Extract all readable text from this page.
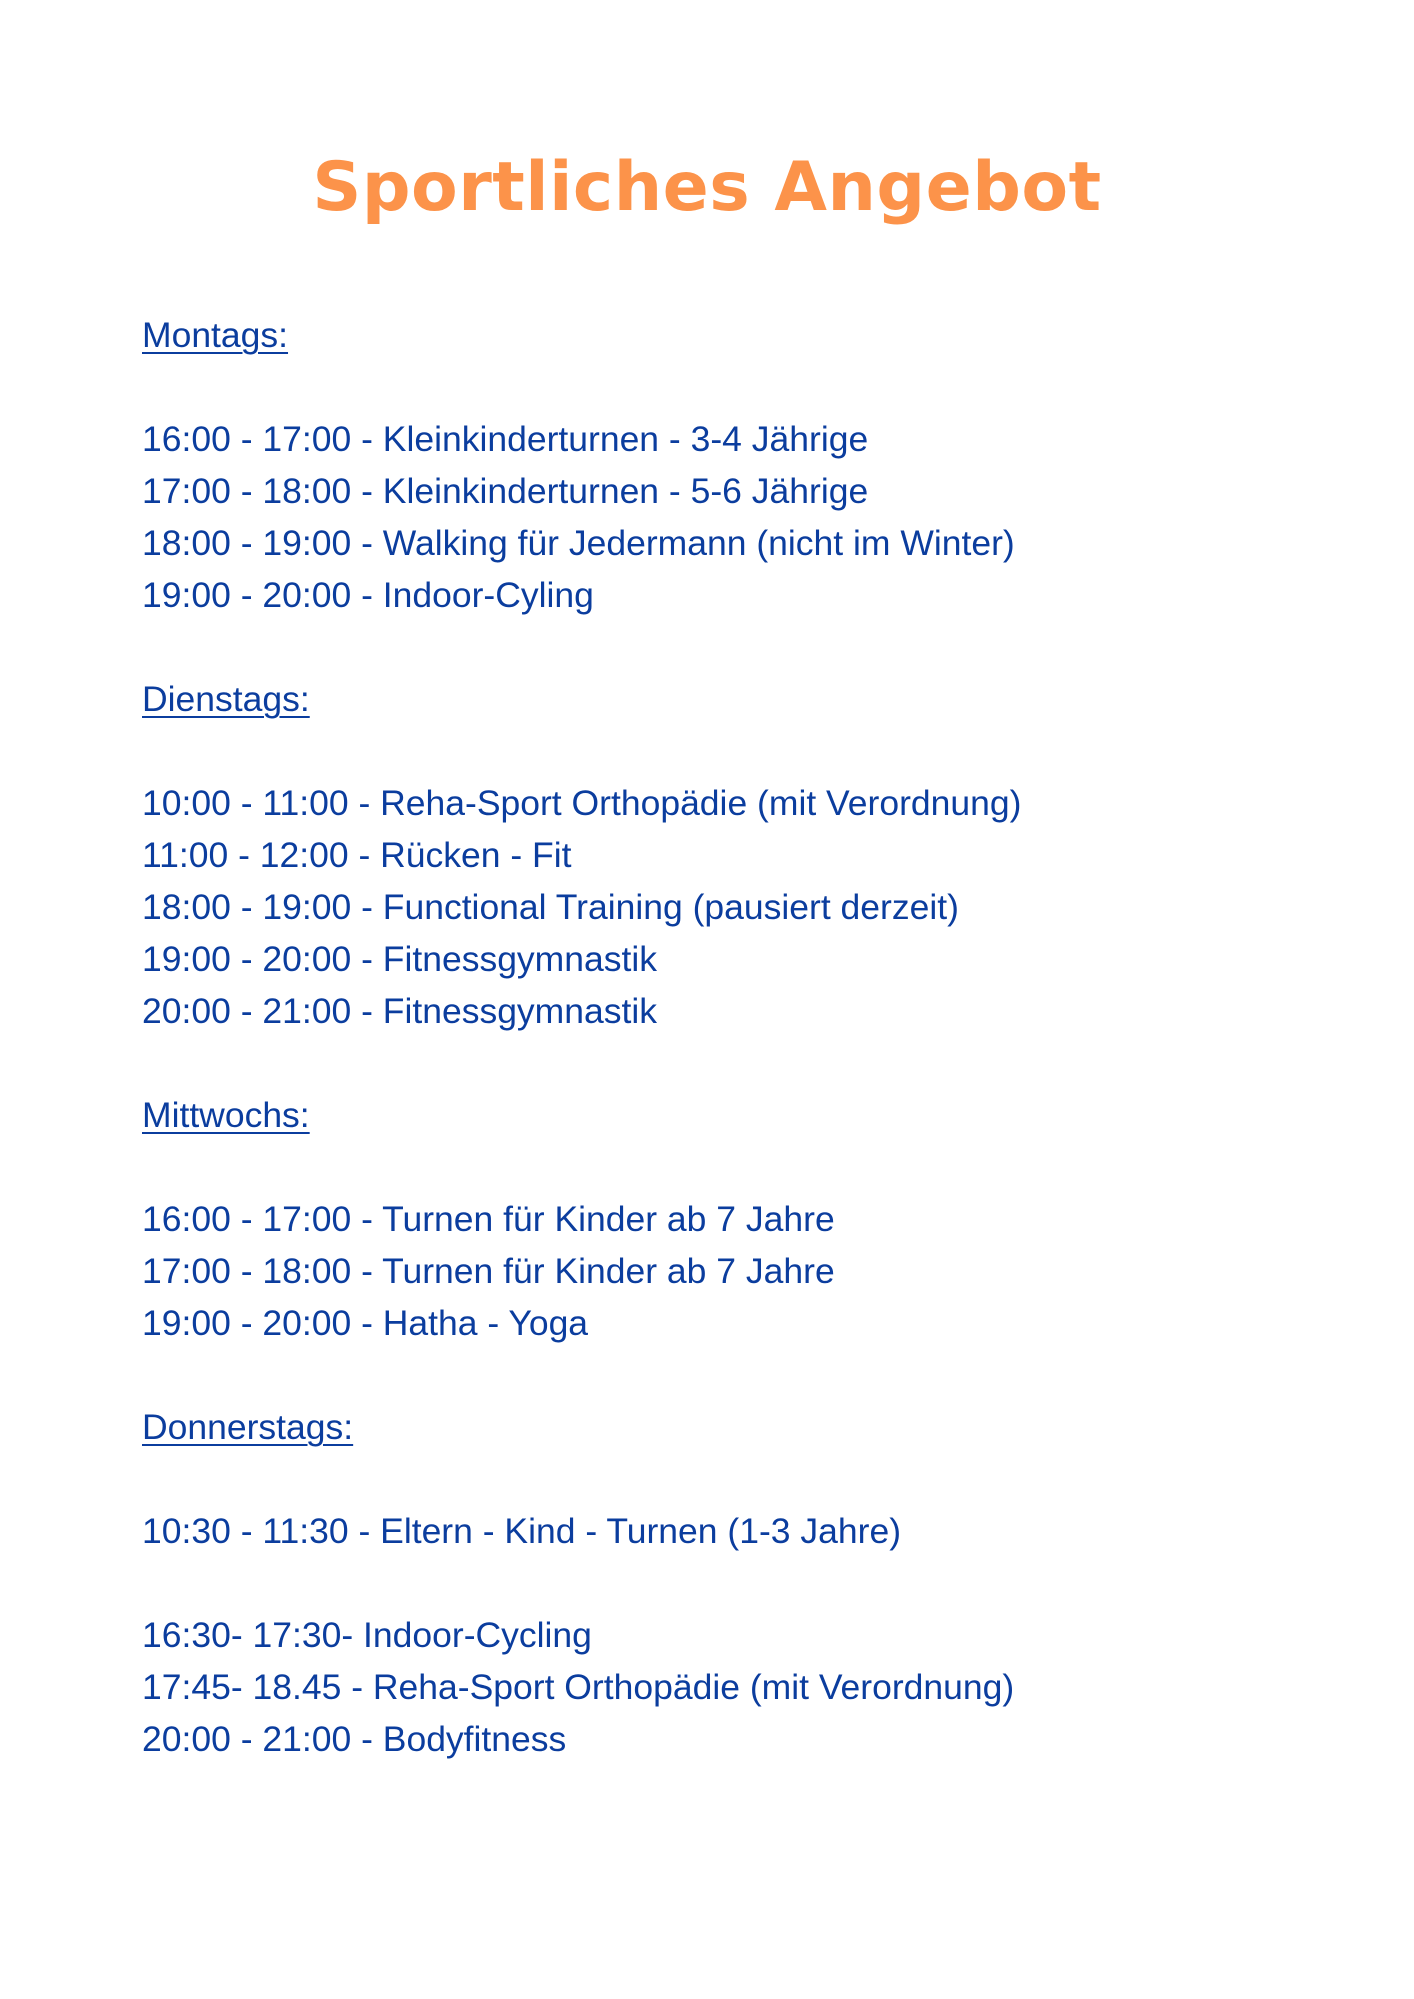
Sportliches Angebot
Montags:
16:00 - 17:00 - Kleinkinderturnen - 3-4 Jährige
17:00 - 18:00 - Kleinkinderturnen - 5-6 Jährige
18:00 - 19:00 - Walking für Jedermann (nicht im Winter)
19:00 - 20:00 - Indoor-Cyling
Dienstags:
10:00 - 11:00 - Reha-Sport Orthopädie (mit Verordnung)
11:00 - 12:00 - Rücken - Fit
18:00 - 19:00 - Functional Training (pausiert derzeit)
19:00 - 20:00 - Fitnessgymnastik
20:00 - 21:00 - Fitnessgymnastik
Mittwochs:
16:00 - 17:00 - Turnen für Kinder ab 7 Jahre
17:00 - 18:00 - Turnen für Kinder ab 7 Jahre
19:00 - 20:00 - Hatha - Yoga
Donnerstags:
10:30 - 11:30 - Eltern - Kind - Turnen (1-3 Jahre)
16:30- 17:30- Indoor-Cycling
17:45- 18.45 - Reha-Sport Orthopädie (mit Verordnung)
20:00 - 21:00 - Bodyfitness
